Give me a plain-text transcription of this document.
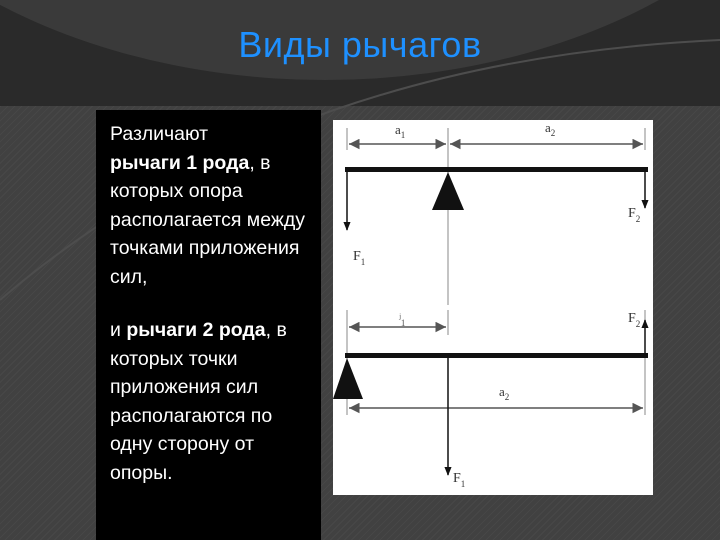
Виды рычагов
Различают
рычаги 1 рода, в которых опора располагается между точками приложения сил,
и рычаги 2 рода, в которых точки приложения сил располагаются по одну сторону от опоры.
$a_1$	$a_2$
$F_1$
$F_2$
ʲ$_1$	$F_2$
$a_2$
$F_1$
